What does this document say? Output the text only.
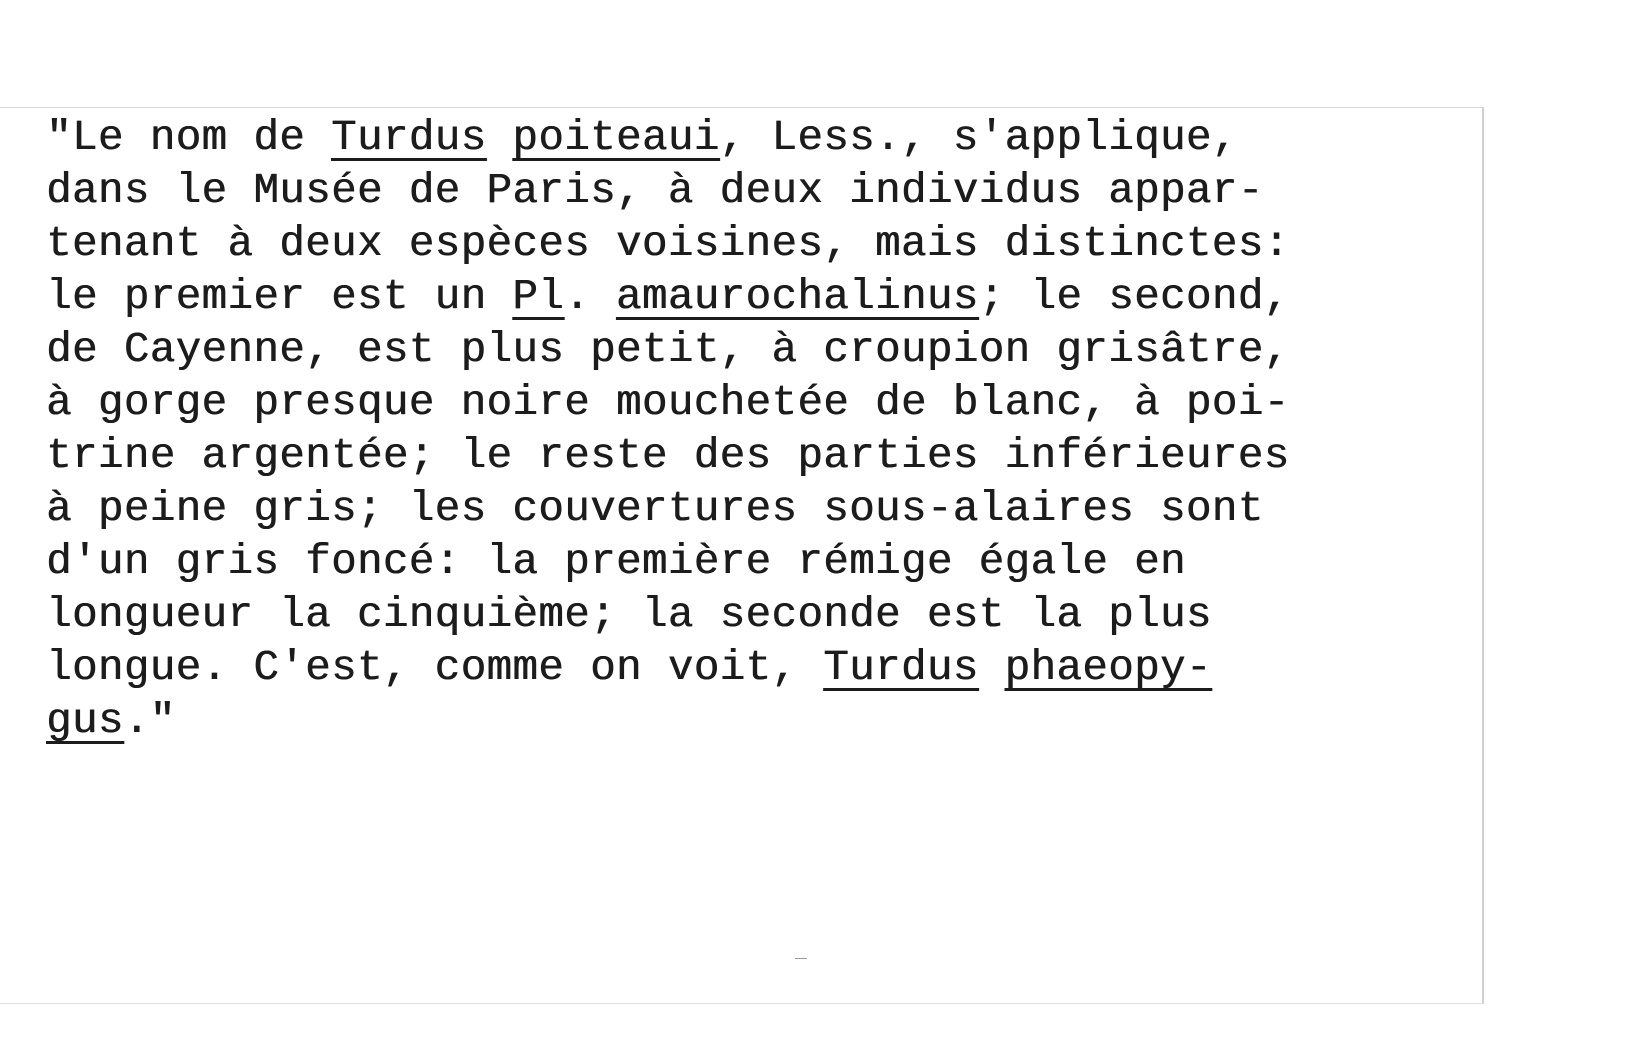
"Le nom de Turdus poiteaui, Less., s'applique,
dans le Musée de Paris, à deux individus appar-
tenant à deux espèces voisines, mais distinctes:
le premier est un Pl. amaurochalinus; le second,
de Cayenne, est plus petit, à croupion grisâtre,
à gorge presque noire mouchetée de blanc, à poi-
trine argentée; le reste des parties inférieures
à peine gris; les couvertures sous-alaires sont
d'un gris foncé: la première rémige égale en
longueur la cinquième; la seconde est la plus
longue. C'est, comme on voit, Turdus phaeopy-
gus."
